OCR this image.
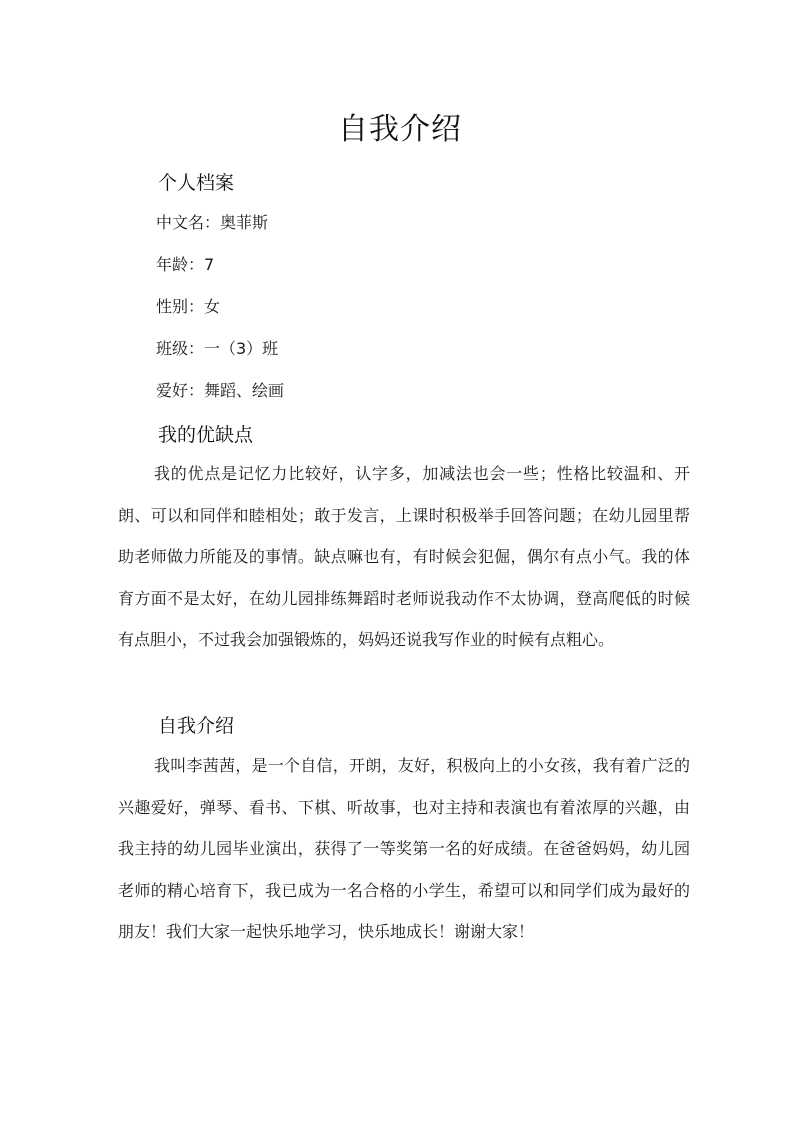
自我介绍
个人档案
中文名：奥菲斯
年龄：7
性别：女
班级：一（3）班
爱好：舞蹈、绘画
我的优缺点

我的优点是记忆力比较好，认字多，加减法也会一些；性格比较温和、开朗、可以和同伴和睦相处；敢于发言，上课时积极举手回答问题；在幼儿园里帮助老师做力所能及的事情。缺点嘛也有，有时候会犯倔，偶尔有点小气。我的体育方面不是太好，在幼儿园排练舞蹈时老师说我动作不太协调，登高爬低的时候有点胆小，不过我会加强锻炼的，妈妈还说我写作业的时候有点粗心。

自我介绍

我叫李茜茜，是一个自信，开朗，友好，积极向上的小女孩，我有着广泛的兴趣爱好，弹琴、看书、下棋、听故事，也对主持和表演也有着浓厚的兴趣，由我主持的幼儿园毕业演出，获得了一等奖第一名的好成绩。在爸爸妈妈，幼儿园老师的精心培育下，我已成为一名合格的小学生，希望可以和同学们成为最好的朋友！我们大家一起快乐地学习，快乐地成长！谢谢大家！
